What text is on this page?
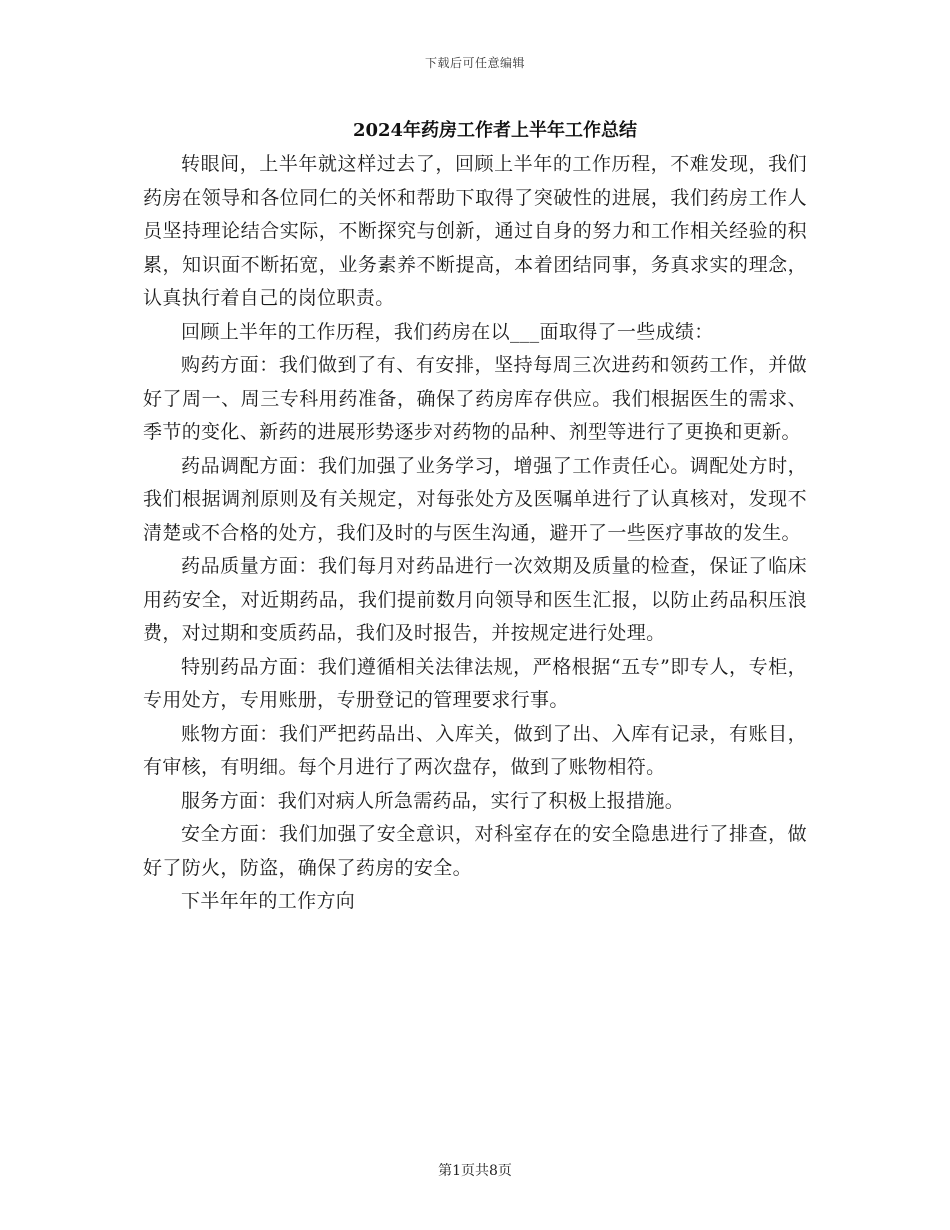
下载后可任意编辑
2024年药房工作者上半年工作总结

转眼间，上半年就这样过去了，回顾上半年的工作历程，不难发现，我们药房在领导和各位同仁的关怀和帮助下取得了突破性的进展，我们药房工作人员坚持理论结合实际，不断探究与创新，通过自身的努力和工作相关经验的积累，知识面不断拓宽，业务素养不断提高，本着团结同事，务真求实的理念，认真执行着自己的岗位职责。

回顾上半年的工作历程，我们药房在以___面取得了一些成绩：

购药方面：我们做到了有、有安排，坚持每周三次进药和领药工作，并做好了周一、周三专科用药准备，确保了药房库存供应。我们根据医生的需求、季节的变化、新药的进展形势逐步对药物的品种、剂型等进行了更换和更新。

药品调配方面：我们加强了业务学习，增强了工作责任心。调配处方时，我们根据调剂原则及有关规定，对每张处方及医嘱单进行了认真核对，发现不清楚或不合格的处方，我们及时的与医生沟通，避开了一些医疗事故的发生。

药品质量方面：我们每月对药品进行一次效期及质量的检查，保证了临床用药安全，对近期药品，我们提前数月向领导和医生汇报，以防止药品积压浪费，对过期和变质药品，我们及时报告，并按规定进行处理。

特别药品方面：我们遵循相关法律法规，严格根据“五专”即专人，专柜，专用处方，专用账册，专册登记的管理要求行事。

账物方面：我们严把药品出、入库关，做到了出、入库有记录，有账目，有审核，有明细。每个月进行了两次盘存，做到了账物相符。

服务方面：我们对病人所急需药品，实行了积极上报措施。

安全方面：我们加强了安全意识，对科室存在的安全隐患进行了排查，做好了防火，防盗，确保了药房的安全。

下半年年的工作方向

第1页共8页
